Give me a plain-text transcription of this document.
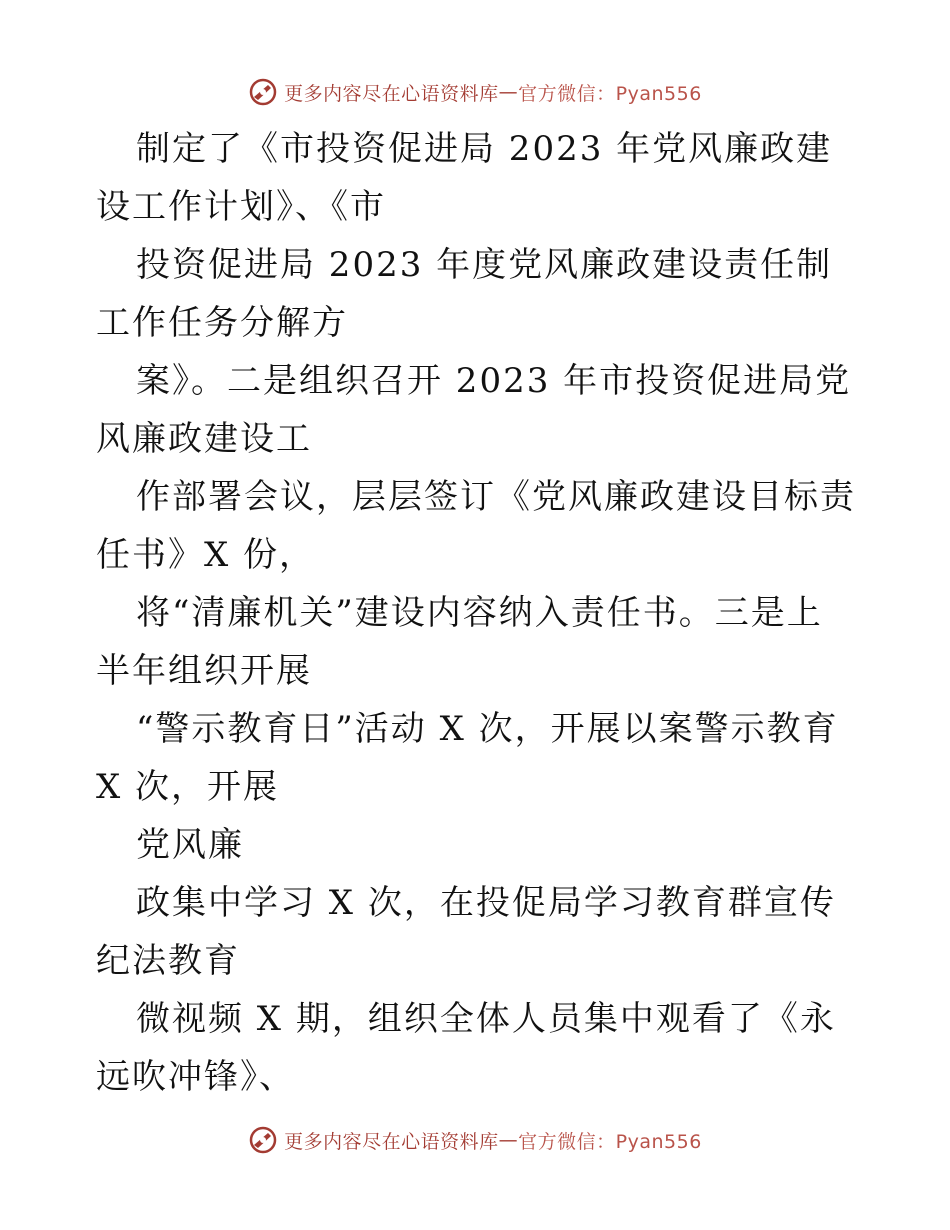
更多内容尽在心语资料库 — 官方微信：Pyan556

制定了《市投资促进局 2023 年党风廉政建设工作计划》、《市

投资促进局 2023 年度党风廉政建设责任制工作任务分解方

案》。二是组织召开 2023 年市投资促进局党风廉政建设工

作部署会议，层层签订《党风廉政建设目标责任书》X 份，

将“清廉机关”建设内容纳入责任书。三是上半年组织开展

“警示教育日”活动 X 次，开展以案警示教育 X 次，开展

党风廉

政集中学习 X 次，在投促局学习教育群宣传纪法教育

微视频 X 期，组织全体人员集中观看了《永远吹冲锋》、

更多内容尽在心语资料库 — 官方微信：Pyan556
